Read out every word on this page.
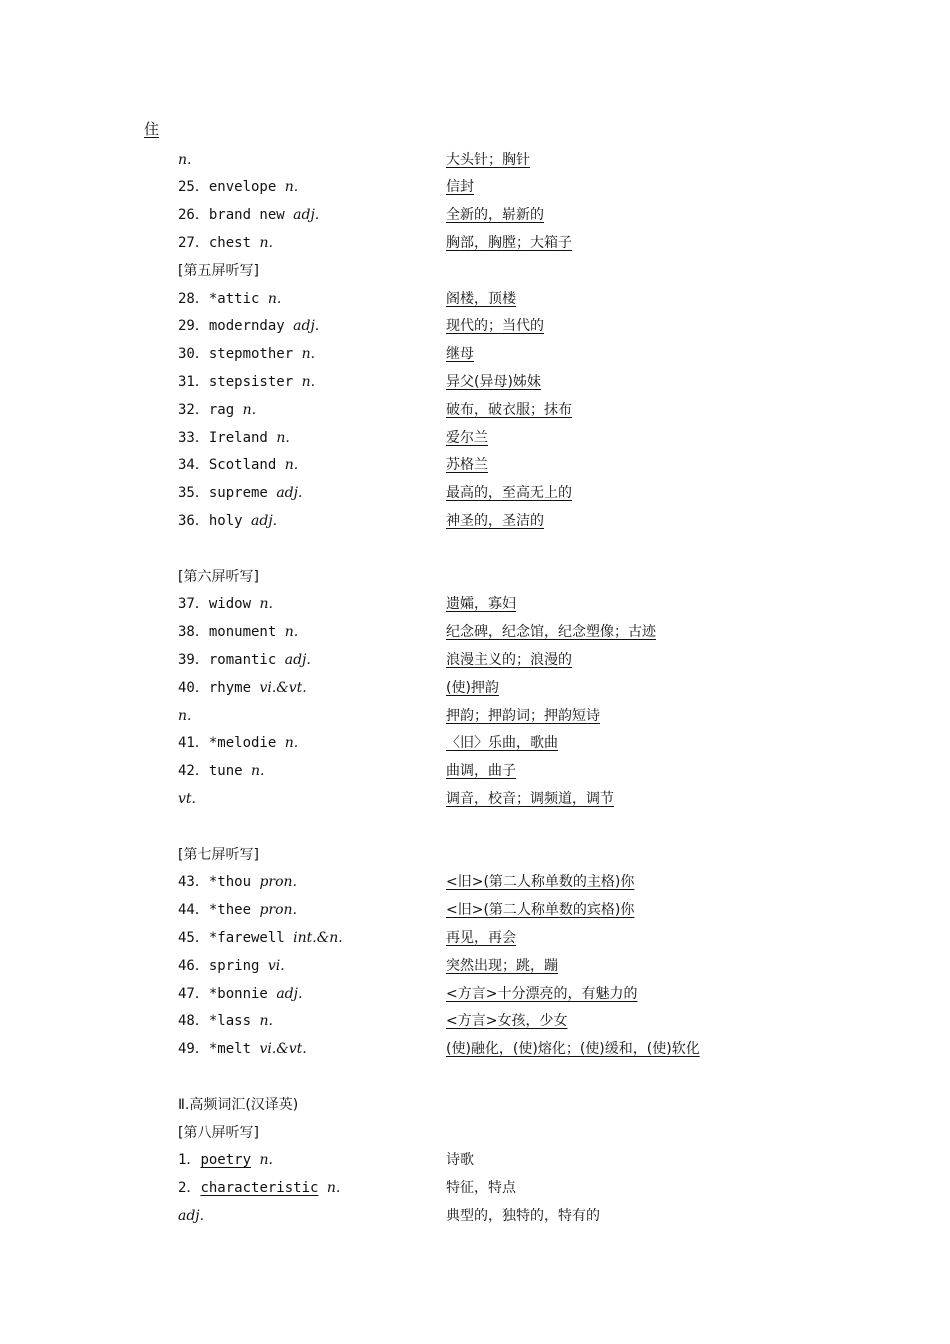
住
n.	大头针；胸针
25．envelope n.	信封
26．brand new adj.	全新的，崭新的
27．chest n.	胸部，胸膛；大箱子
[第五屏听写]
28．*attic n.	阁楼，顶楼
29．modernday adj.	现代的；当代的
30．stepmother n.	继母
31．stepsister n.	异父(异母)姊妹
32．rag n.	破布，破衣服；抹布
33．Ireland n.	爱尔兰
34．Scotland n.	苏格兰
35．supreme adj.	最高的，至高无上的
36．holy adj.	神圣的，圣洁的
[第六屏听写]
37．widow n.	遗孀，寡妇
38．monument n.	纪念碑，纪念馆，纪念塑像；古迹
39．romantic adj.	浪漫主义的；浪漫的
40．rhyme vi.&vt.	(使)押韵
n.	押韵；押韵词；押韵短诗
41．*melodie n.	〈旧〉乐曲，歌曲
42．tune n.	曲调，曲子
vt.	调音，校音；调频道，调节
[第七屏听写]
43．*thou pron.	<旧>(第二人称单数的主格)你
44．*thee pron.	<旧>(第二人称单数的宾格)你
45．*farewell int.&n.	再见，再会
46．spring vi.	突然出现；跳，蹦
47．*bonnie adj.	<方言>十分漂亮的，有魅力的
48．*lass n.	<方言>女孩，少女
49．*melt vi.&vt.	(使)融化，(使)熔化；(使)缓和，(使)软化
Ⅱ.高频词汇(汉译英)
[第八屏听写]
1．poetry n.	诗歌
2．characteristic n.	特征，特点
adj.	典型的，独特的，特有的
